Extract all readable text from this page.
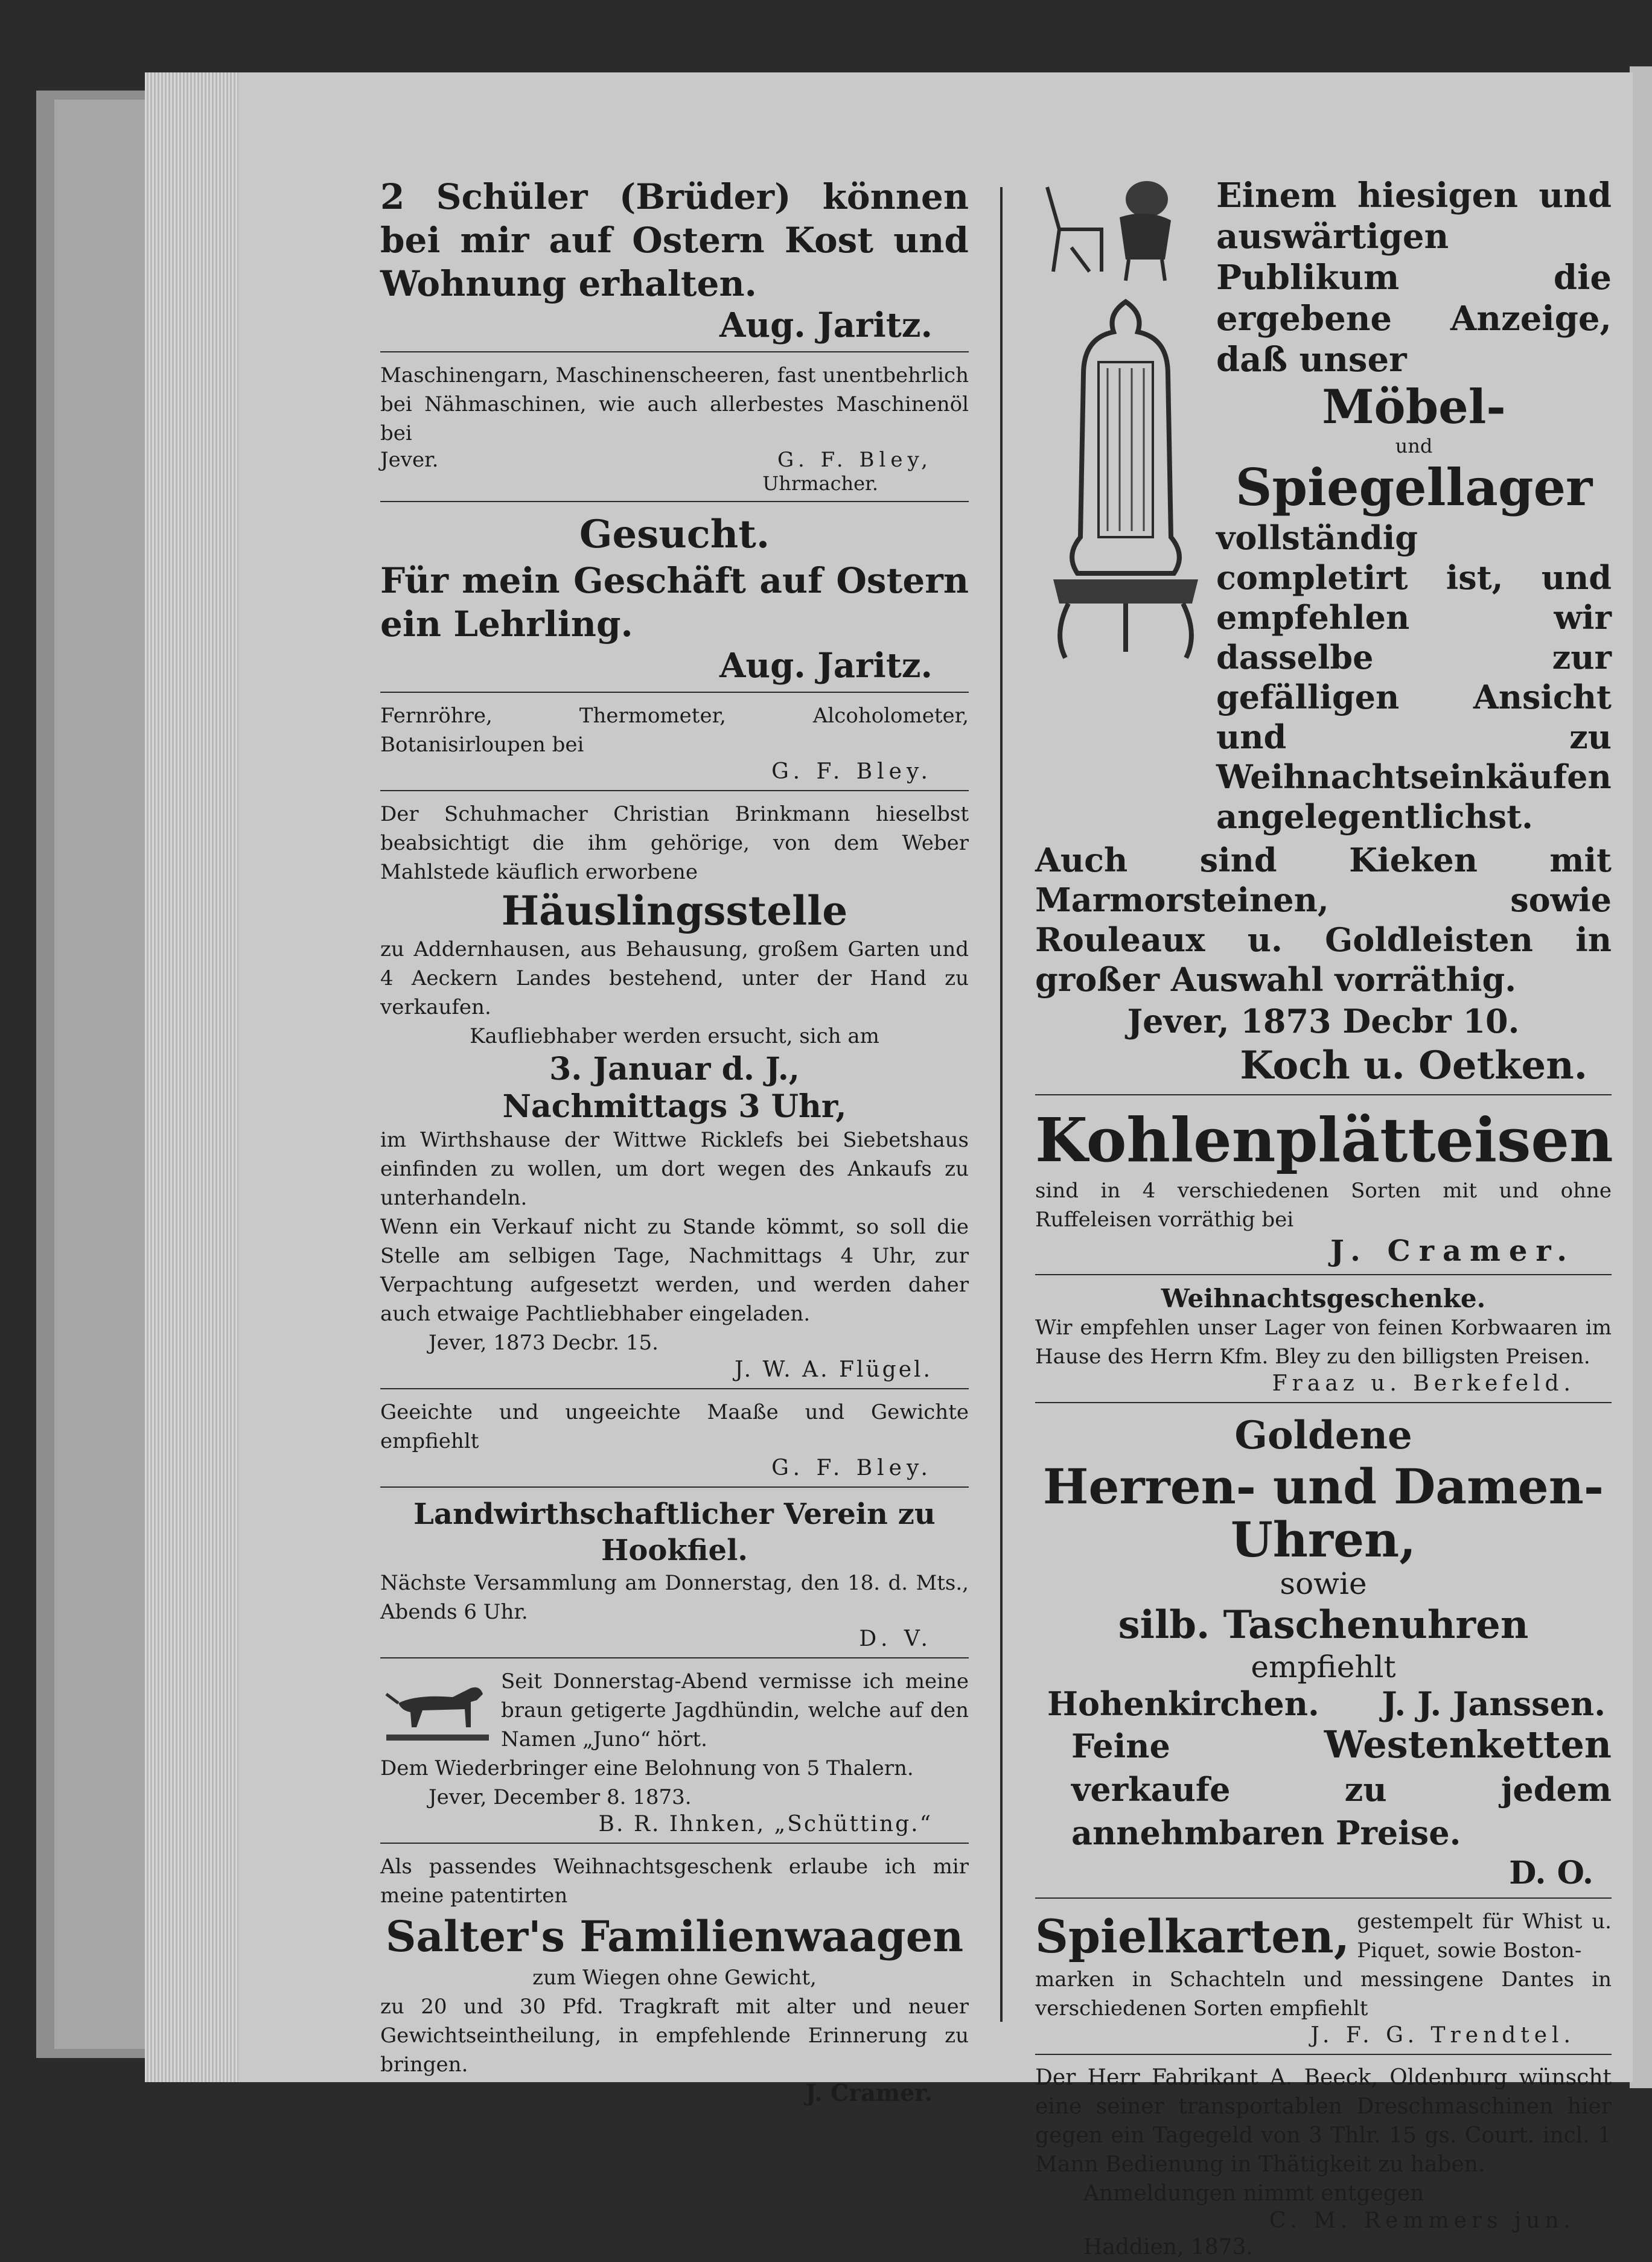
2 Schüler (Brüder) können bei mir auf Ostern Kost und Wohnung erhalten.
Aug. Jaritz.
Maschinengarn, Maschinenscheeren, fast unentbehrlich bei Nähmaschinen, wie auch allerbestes Maschinenöl bei
Jever.	G. F. Bley,
Uhrmacher.
Gesucht.
Für mein Geschäft auf Ostern ein Lehrling.
Aug. Jaritz.
Fernröhre, Thermometer, Alcoholometer, Botanisirloupen bei
G. F. Bley.
Der Schuhmacher Christian Brinkmann hieselbst beabsichtigt die ihm gehörige, von dem Weber Mahlstede käuflich erworbene
Häuslingsstelle
zu Addernhausen, aus Behausung, großem Garten und 4 Aeckern Landes bestehend, unter der Hand zu verkaufen.
Kaufliebhaber werden ersucht, sich am
3. Januar d. J.,
Nachmittags 3 Uhr,
im Wirthshause der Wittwe Ricklefs bei Siebetshaus einfinden zu wollen, um dort wegen des Ankaufs zu unterhandeln.
Wenn ein Verkauf nicht zu Stande kömmt, so soll die Stelle am selbigen Tage, Nachmittags 4 Uhr, zur Verpachtung aufgesetzt werden, und werden daher auch etwaige Pachtliebhaber eingeladen.
Jever, 1873 Decbr. 15.
J. W. A. Flügel.
Geeichte und ungeeichte Maaße und Gewichte empfiehlt
G. F. Bley.
Landwirthschaftlicher Verein zu Hookfiel.
Nächste Versammlung am Donnerstag, den 18. d. Mts., Abends 6 Uhr.
D. V.
Seit Donnerstag-Abend vermisse ich meine braun getigerte Jagdhündin, welche auf den Namen „Juno“ hört.
Dem Wiederbringer eine Belohnung von 5 Thalern.
Jever, December 8. 1873.
B. R. Ihnken, „Schütting.“
Als passendes Weihnachtsgeschenk erlaube ich mir meine patentirten
Salter's Familienwaagen
zum Wiegen ohne Gewicht,
zu 20 und 30 Pfd. Tragkraft mit alter und neuer Gewichtseintheilung, in empfehlende Erinnerung zu bringen.
J. Cramer.
Einem hiesigen und auswärtigen Publikum die ergebene Anzeige, daß unser
Möbel-
und
Spiegellager
vollständig completirt ist, und empfehlen wir dasselbe zur gefälligen Ansicht und zu Weihnachtseinkäufen angelegentlichst.
Auch sind Kieken mit Marmorsteinen, sowie Rouleaux u. Goldleisten in großer Auswahl vorräthig.
Jever, 1873 Decbr 10.
Koch u. Oetken.
Kohlenplätteisen
sind in 4 verschiedenen Sorten mit und ohne Ruffeleisen vorräthig bei
J. Cramer.
Weihnachtsgeschenke.
Wir empfehlen unser Lager von feinen Korbwaaren im Hause des Herrn Kfm. Bley zu den billigsten Preisen.
Fraaz u. Berkefeld.
Goldene
Herren- und Damen-Uhren,
sowie
silb. Taschenuhren
empfiehlt
Hohenkirchen. J. J. Janssen.
Feine	Westenketten verkaufe zu jedem annehmbaren Preise.
D. O.
Spielkarten, gestempelt für Whist u. Piquet, sowie Boston-
marken in Schachteln und messingene Dantes in verschiedenen Sorten empfiehlt
J. F. G. Trendtel.
Der Herr Fabrikant A. Beeck, Oldenburg wünscht eine seiner transportablen Dreschmaschinen hier gegen ein Tagegeld von 3 Thlr. 15 gs. Court. incl. 1 Mann Bedienung in Thätigkeit zu haben.
Anmeldungen nimmt entgegen
C. M. Remmers jun.
Haddien, 1873.
